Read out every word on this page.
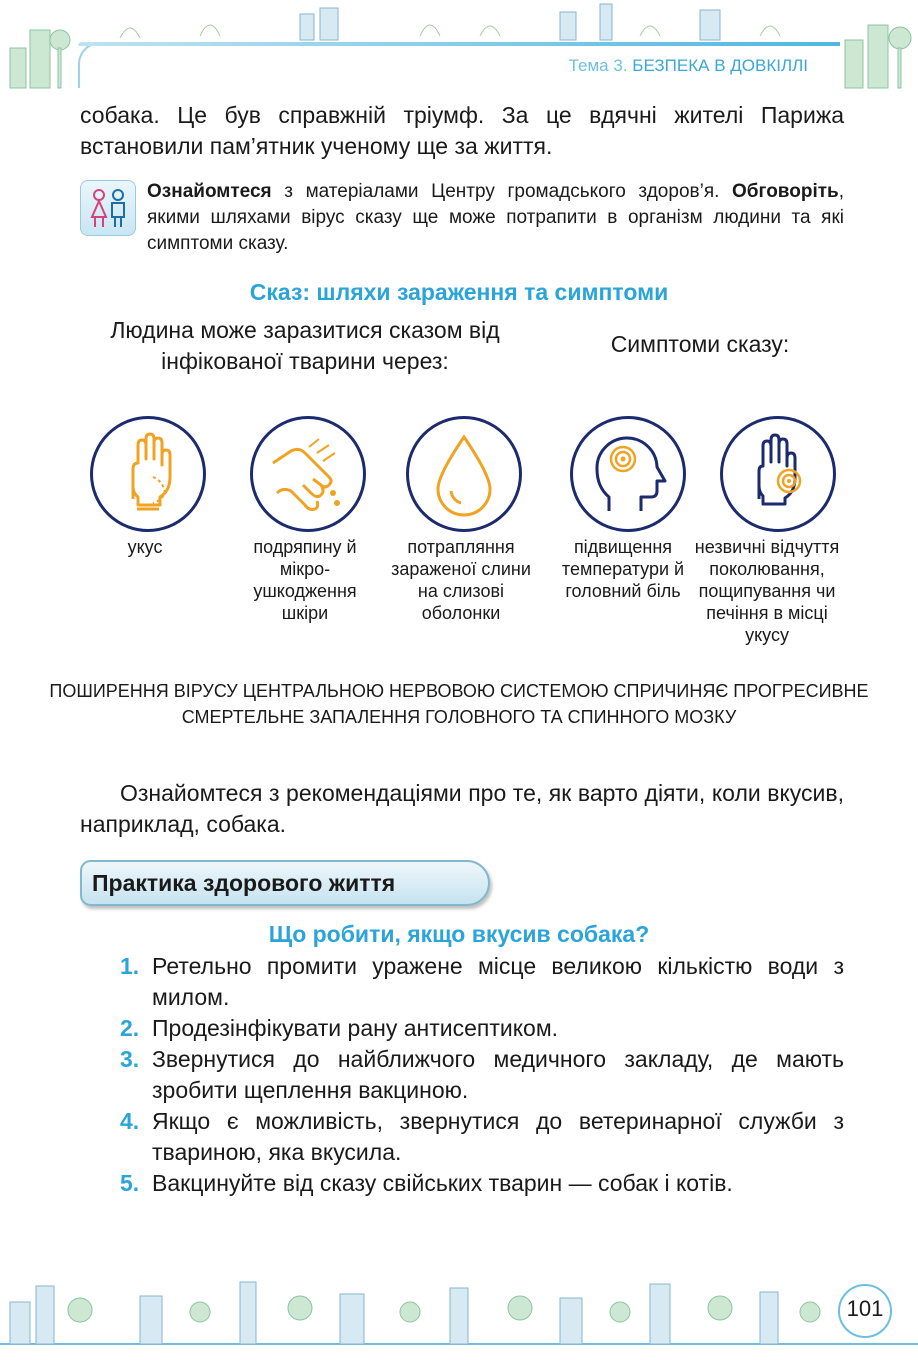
Тема 3. БЕЗПЕКА В ДОВКІЛЛІ
собака. Це був справжній тріумф. За це вдячні жителі Парижа встановили пам’ятник ученому ще за життя.
Ознайомтеся з матеріалами Центру громадського здоров’я. Обговоріть, якими шляхами вірус сказу ще може потрапити в організм людини та які симптоми сказу.
Сказ: шляхи зараження та симптоми
Людина може заразитися сказом від інфікованої тварини через:
Симптоми сказу:
укус	подряпину й мікро-ушкодження шкіри
потрапляння зараженої слини на слизові оболонки
підвищення температури й головний біль
незвичні відчуття поколювання, пощипування чи печіння в місці укусу
ПОШИРЕННЯ ВІРУСУ ЦЕНТРАЛЬНОЮ НЕРВОВОЮ СИСТЕМОЮ СПРИЧИНЯЄ ПРОГРЕСИВНЕ СМЕРТЕЛЬНЕ ЗАПАЛЕННЯ ГОЛОВНОГО ТА СПИННОГО МОЗКУ
Ознайомтеся з рекомендаціями про те, як варто діяти, коли вкусив, наприклад, собака.
Практика здорового життя
Що робити, якщо вкусив собака?
1. Ретельно промити уражене місце великою кількістю води з милом.
2. Продезінфікувати рану антисептиком.
3. Звернутися до найближчого медичного закладу, де мають зробити щеплення вакциною.
4. Якщо є можливість, звернутися до ветеринарної служби з твариною, яка вкусила.
5. Вакцинуйте від сказу свійських тварин — собак і котів.
101
